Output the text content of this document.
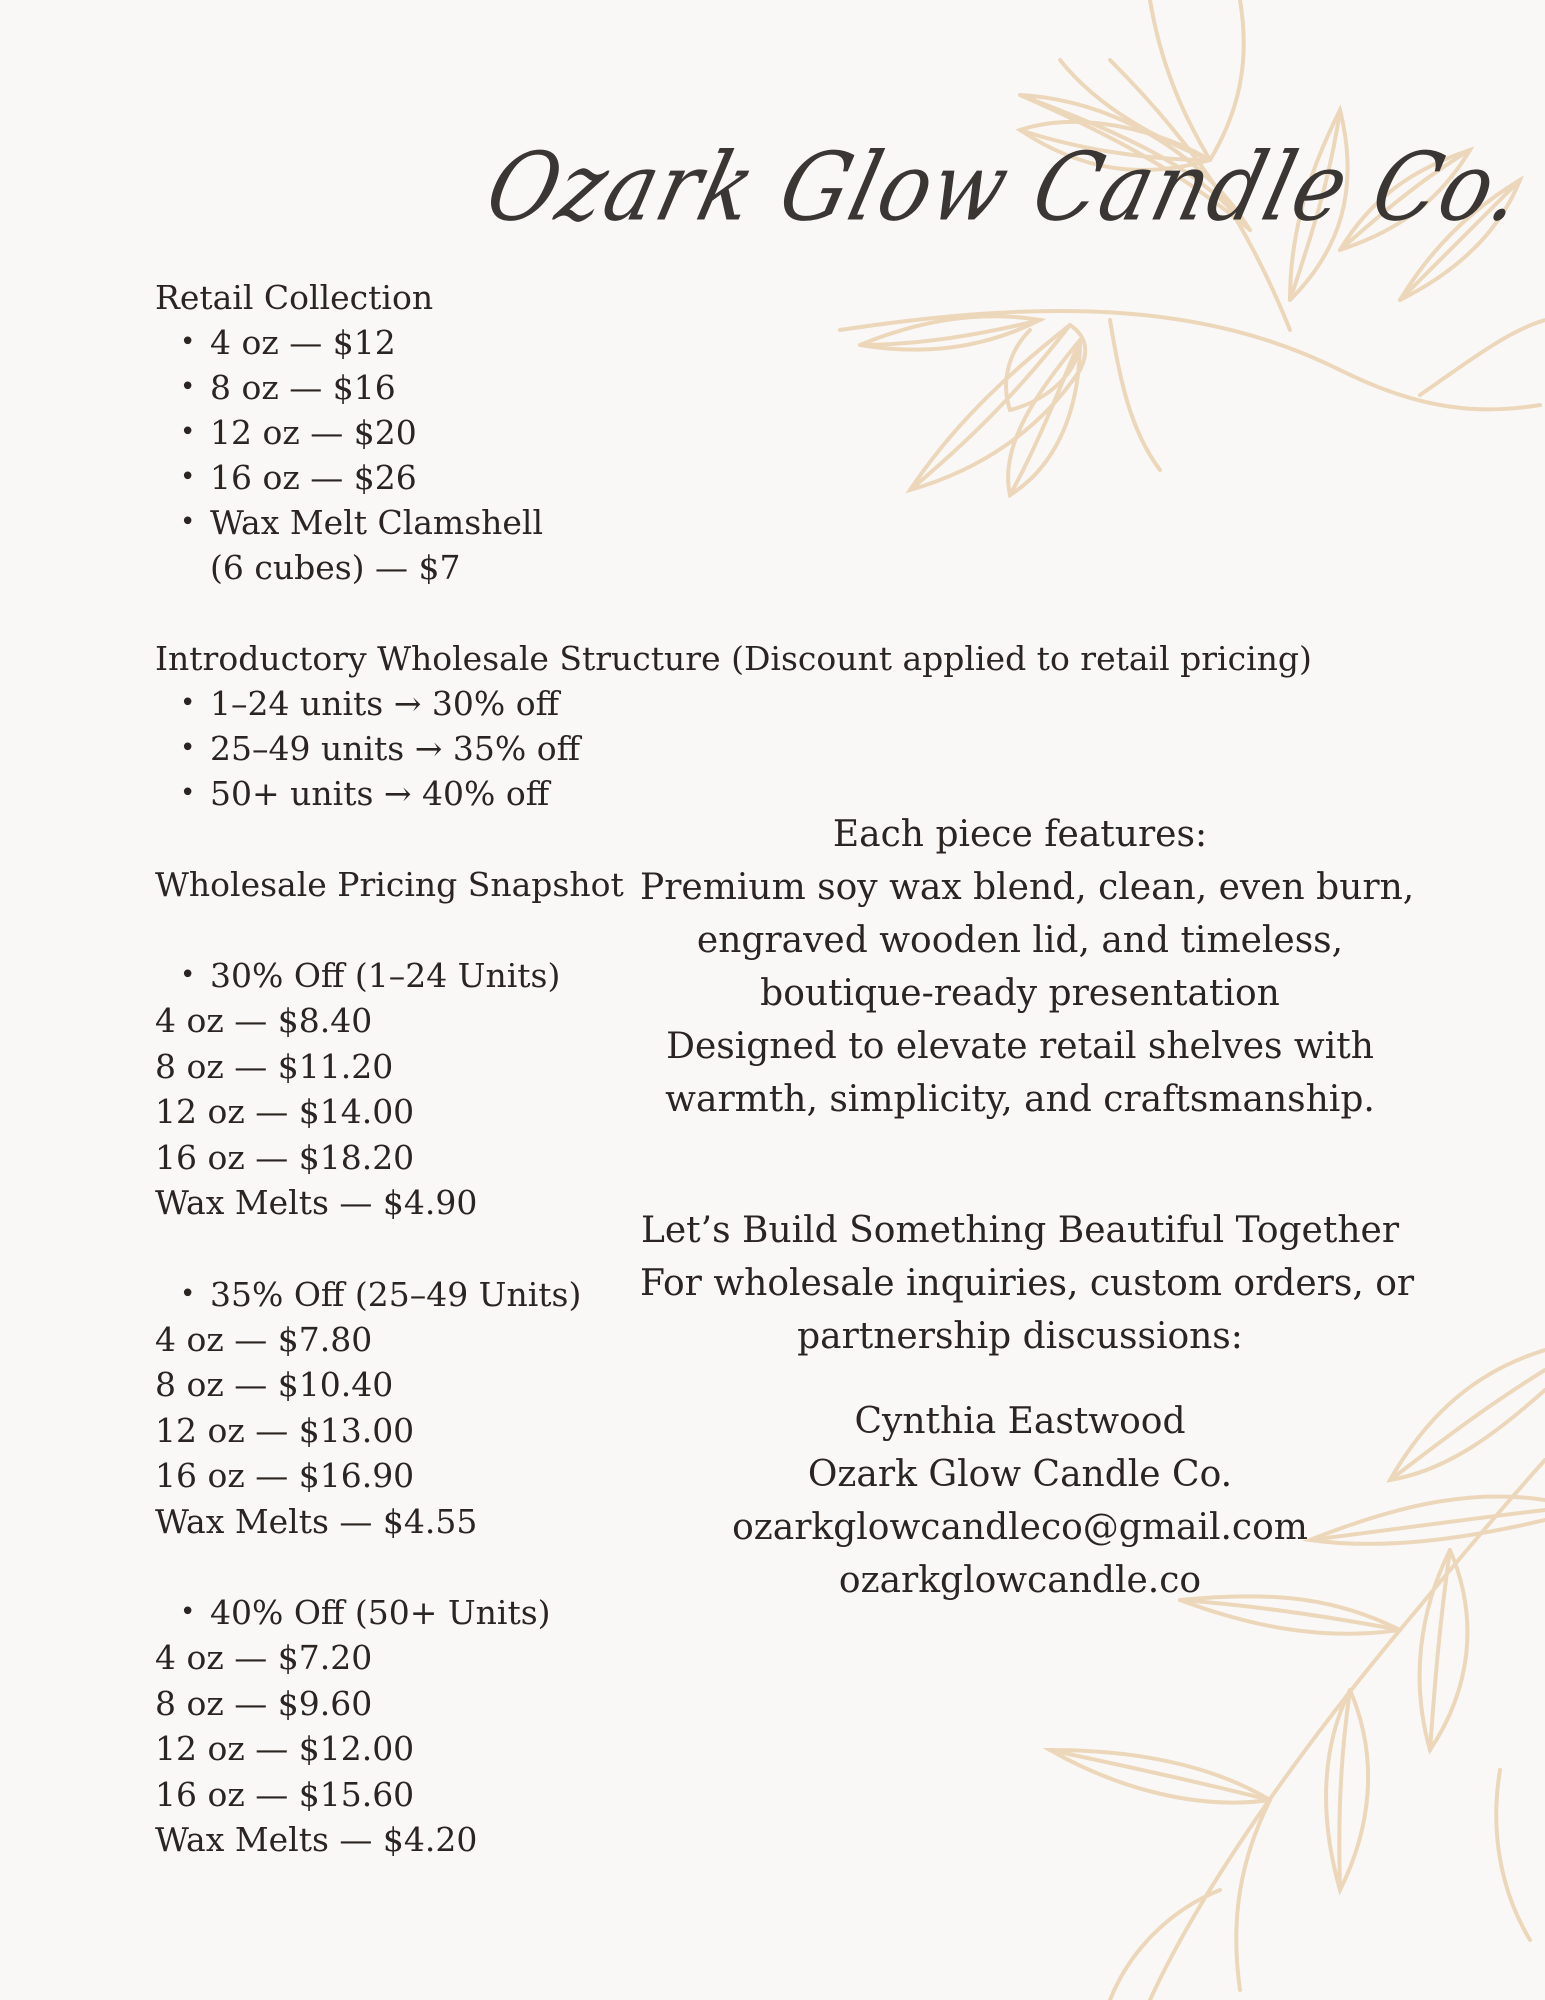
Ozark Glow Candle Co.
Retail Collection
• 4 oz — $12
• 8 oz — $16
• 12 oz — $20
• 16 oz — $26
• Wax Melt Clamshell
(6 cubes) — $7
Introductory Wholesale Structure (Discount applied to retail pricing)
• 1–24 units → 30% off
• 25–49 units → 35% off
• 50+ units → 40% off
Wholesale Pricing Snapshot
• 30% Off (1–24 Units)
4 oz — $8.40
8 oz — $11.20
12 oz — $14.00
16 oz — $18.20
Wax Melts — $4.90
• 35% Off (25–49 Units)
4 oz — $7.80
8 oz — $10.40
12 oz — $13.00
16 oz — $16.90
Wax Melts — $4.55
• 40% Off (50+ Units)
4 oz — $7.20
8 oz — $9.60
12 oz — $12.00
16 oz — $15.60
Wax Melts — $4.20
Each piece features:
Premium soy wax blend, clean, even burn,
engraved wooden lid, and timeless,
boutique-ready presentation
Designed to elevate retail shelves with
warmth, simplicity, and craftsmanship.
Let’s Build Something Beautiful Together
For wholesale inquiries, custom orders, or
partnership discussions:
Cynthia Eastwood
Ozark Glow Candle Co.
ozarkglowcandleco@gmail.com
ozarkglowcandle.co
